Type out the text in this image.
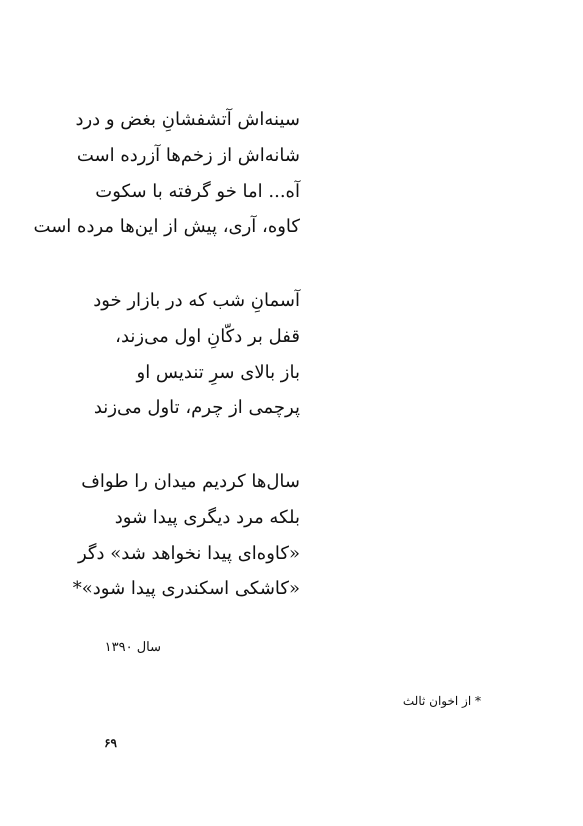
سینه‌اش آتشفشانِ بغض و درد
شانه‌اش از زخم‌ها آزرده است
آه... اما خو گرفته با سکوت
کاوه، آری، پیش از این‌ها مرده است
آسمانِ شب که در بازار خود
قفل بر دکّانِ اول می‌زند،
باز بالای سرِ تندیس او
پرچمی از چرم، تاول می‌زند
سال‌ها کردیم میدان را طواف
بلکه مرد دیگری پیدا شود
«کاوه‌ای پیدا نخواهد شد» دگر
«کاشکی اسکندری پیدا شود»*
سال ۱۳۹۰
* از اخوان ثالث
۶۹
